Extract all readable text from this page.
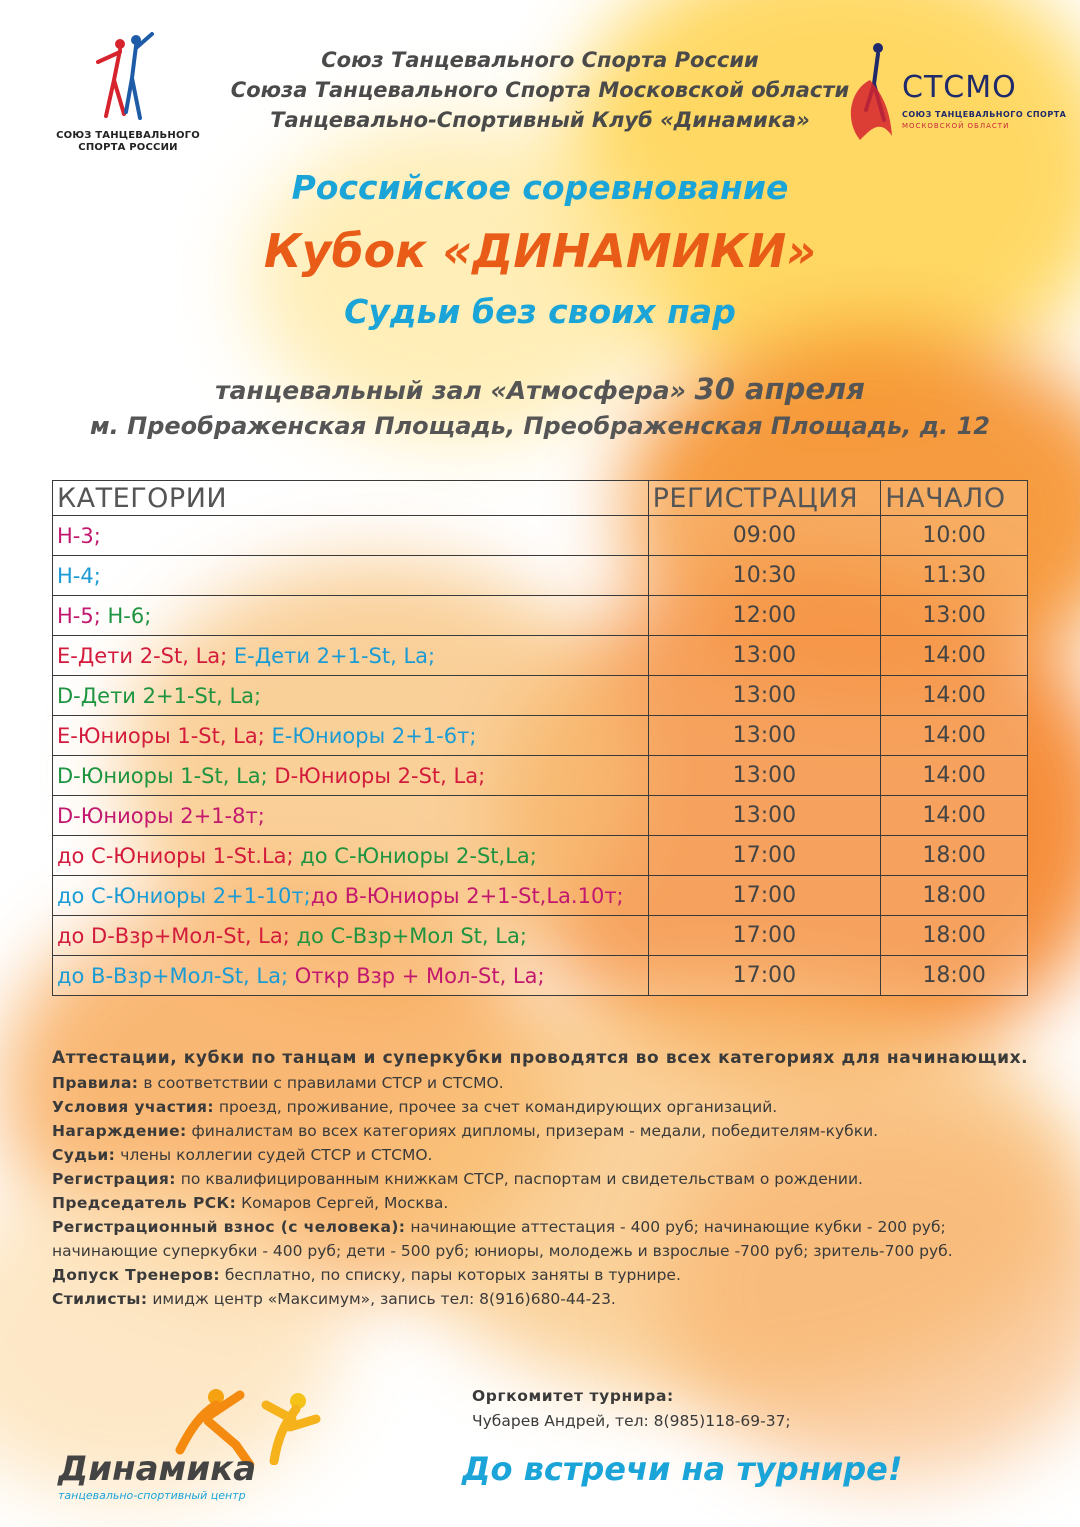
СОЮЗ ТАНЦЕВАЛЬНОГО
СПОРТА РОССИИ
Союз Танцевального Спорта России
Союза Танцевального Спорта Московской области
Танцевально-Спортивный Клуб «Динамика»
СТСМО
СОЮЗ ТАНЦЕВАЛЬНОГО СПОРТА
МОСКОВСКОЙ ОБЛАСТИ
Российское соревнование
Кубок «ДИНАМИКИ»
Судьи без своих пар
танцевальный зал «Атмосфера» 30 апреля
м. Преображенская Площадь, Преображенская Площадь, д. 12
КАТЕГОРИИ	РЕГИСТРАЦИЯ	НАЧАЛО
Н-3;	09:00	10:00
Н-4;	10:30	11:30
Н-5; Н-6;	12:00	13:00
Е-Дети 2-St, La; Е-Дети 2+1-St, La;	13:00	14:00
D-Дети 2+1-St, La;	13:00	14:00
Е-Юниоры 1-St, La; Е-Юниоры 2+1-6т;	13:00	14:00
D-Юниоры 1-St, La; D-Юниоры 2-St, La;	13:00	14:00
D-Юниоры 2+1-8т;	13:00	14:00
до С-Юниоры 1-St.La; до С-Юниоры 2-St,La;	17:00	18:00
до С-Юниоры 2+1-10т;до В-Юниоры 2+1-St,La.10т;	17:00	18:00
до D-Взр+Мол-St, La; до С-Взр+Мол St, La;	17:00	18:00
до В-Взр+Мол-St, La; Откр Взр + Мол-St, La;	17:00	18:00

Аттестации, кубки по танцам и суперкубки проводятся во всех категориях для начинающих.

Правила: в соответствии с правилами СТСР и СТСМО.

Условия участия: проезд, проживание, прочее за счет командирующих организаций.

Нагарждение: финалистам во всех категориях дипломы, призерам - медали, победителям-кубки.

Судьи: члены коллегии судей СТСР и СТСМО.

Регистрация: по квалифицированным книжкам СТСР, паспортам и свидетельствам о рождении.

Председатель РСК: Комаров Сергей, Москва.

Регистрационный взнос (с человека): начинающие аттестация - 400 руб; начинающие кубки - 200 руб; начинающие суперкубки - 400 руб; дети - 500 руб; юниоры, молодежь и взрослые -700 руб; зритель-700 руб.

Допуск Тренеров: бесплатно, по списку, пары которых заняты в турнире.

Стилисты: имидж центр «Максимум», запись тел: 8(916)680-44-23.

Динамика
танцевально-спортивный центр
Оргкомитет турнира:
Чубарев Андрей, тел: 8(985)118-69-37;
До встречи на турнире!
